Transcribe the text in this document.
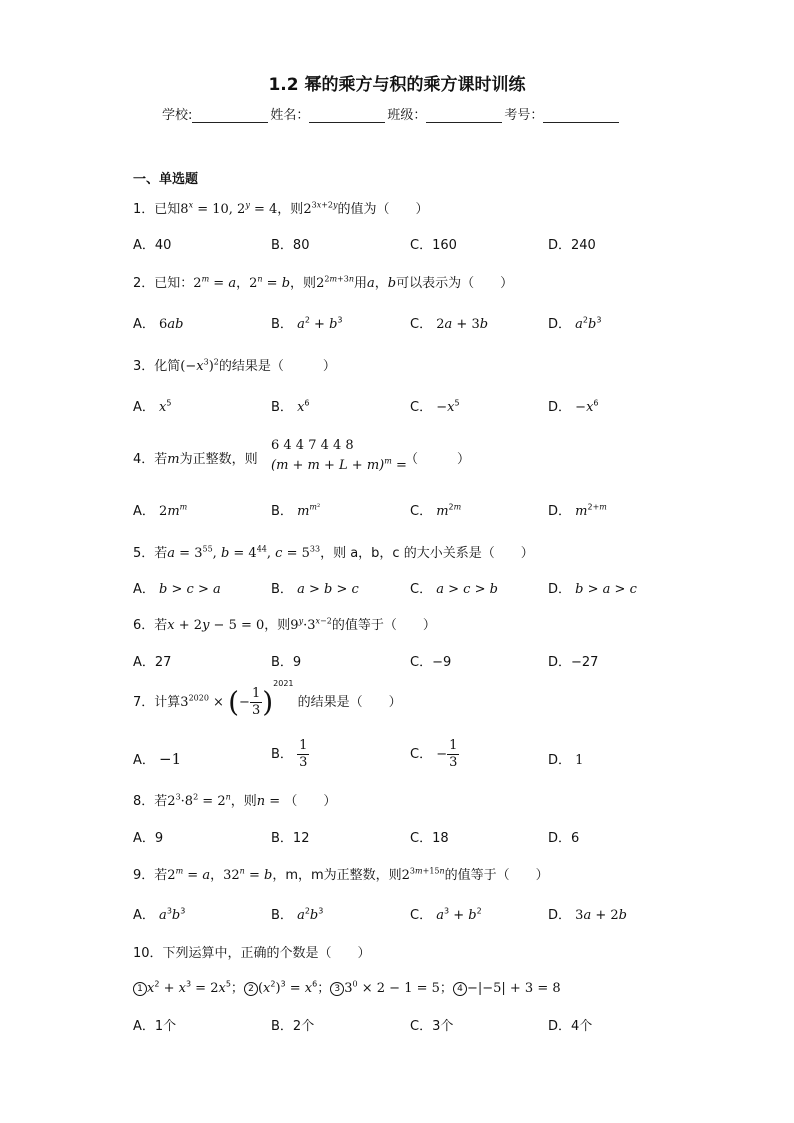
1.2 幂的乘方与积的乘方课时训练
学校:	姓名：	班级：	考号：
一、单选题
1．已知$8^x = 10$, $2^y = 4$，则$2^{3x+2y}$的值为（　　）
A．40	B．80	C．160	D．240
2．已知：$2^m = a$，$2^n = b$，则$2^{2m+3n}$用a，b可以表示为（　　）
A． 6ab	B． $a^2 + b^3$	C． 2a + 3b	D． $a^2b^3$
3．化简$(-x^3)^2$的结果是（　　　）
A． $x^5$	B． $x^6$	C． $-x^5$	D． $-x^6$
4．若m为正整数，则
6 4 4 7 4 4 8
$(m + m + L + m)^m$ =
（　　　）
A． $2m^m$	B． $m^{m^2}$	C． $m^{2m}$	D． $m^{2+m}$
5．若$a = 3^{55}$, $b = 4^{44}$, $c = 5^{33}$，则 a，b，c 的大小关系是（　　）
A． b > c > a	B． a > b > c	C． a > c > b	D． b > a > c
6．若x + 2y − 5 = 0，则$9^y\cdot 3^{x-2}$的值等于（　　）
A．27	B．9	C．−9	D．−27
7．计算$3^{2020}$ × (− $\frac{1}{3} )^{2021}$ 的结果是（　　）
A． −1	B． $\frac{1}{3}$	C． − $\frac{1}{3}$	D． 1
8．若$2^3\cdot 8^2 = 2^n$，则n = （　　）
A．9	B．12	C．18	D．6
9．若$2^m = a$，$32^n = b$，m，m为正整数，则$2^{3m+15n}$的值等于（　　）
A． $a^3b^3$	B． $a^2b^3$	C． $a^3 + b^2$	D． 3a + 2b
10．下列运算中，正确的个数是（　　）
1 $x^2 + x^3 = 2x^5$； 2 $(x^2)^3 = x^6$； 3 $3^0 \times 2 - 1 = 5$； 4 −|−5| + 3 = 8
A．1个	B．2个	C．3个	D．4个
